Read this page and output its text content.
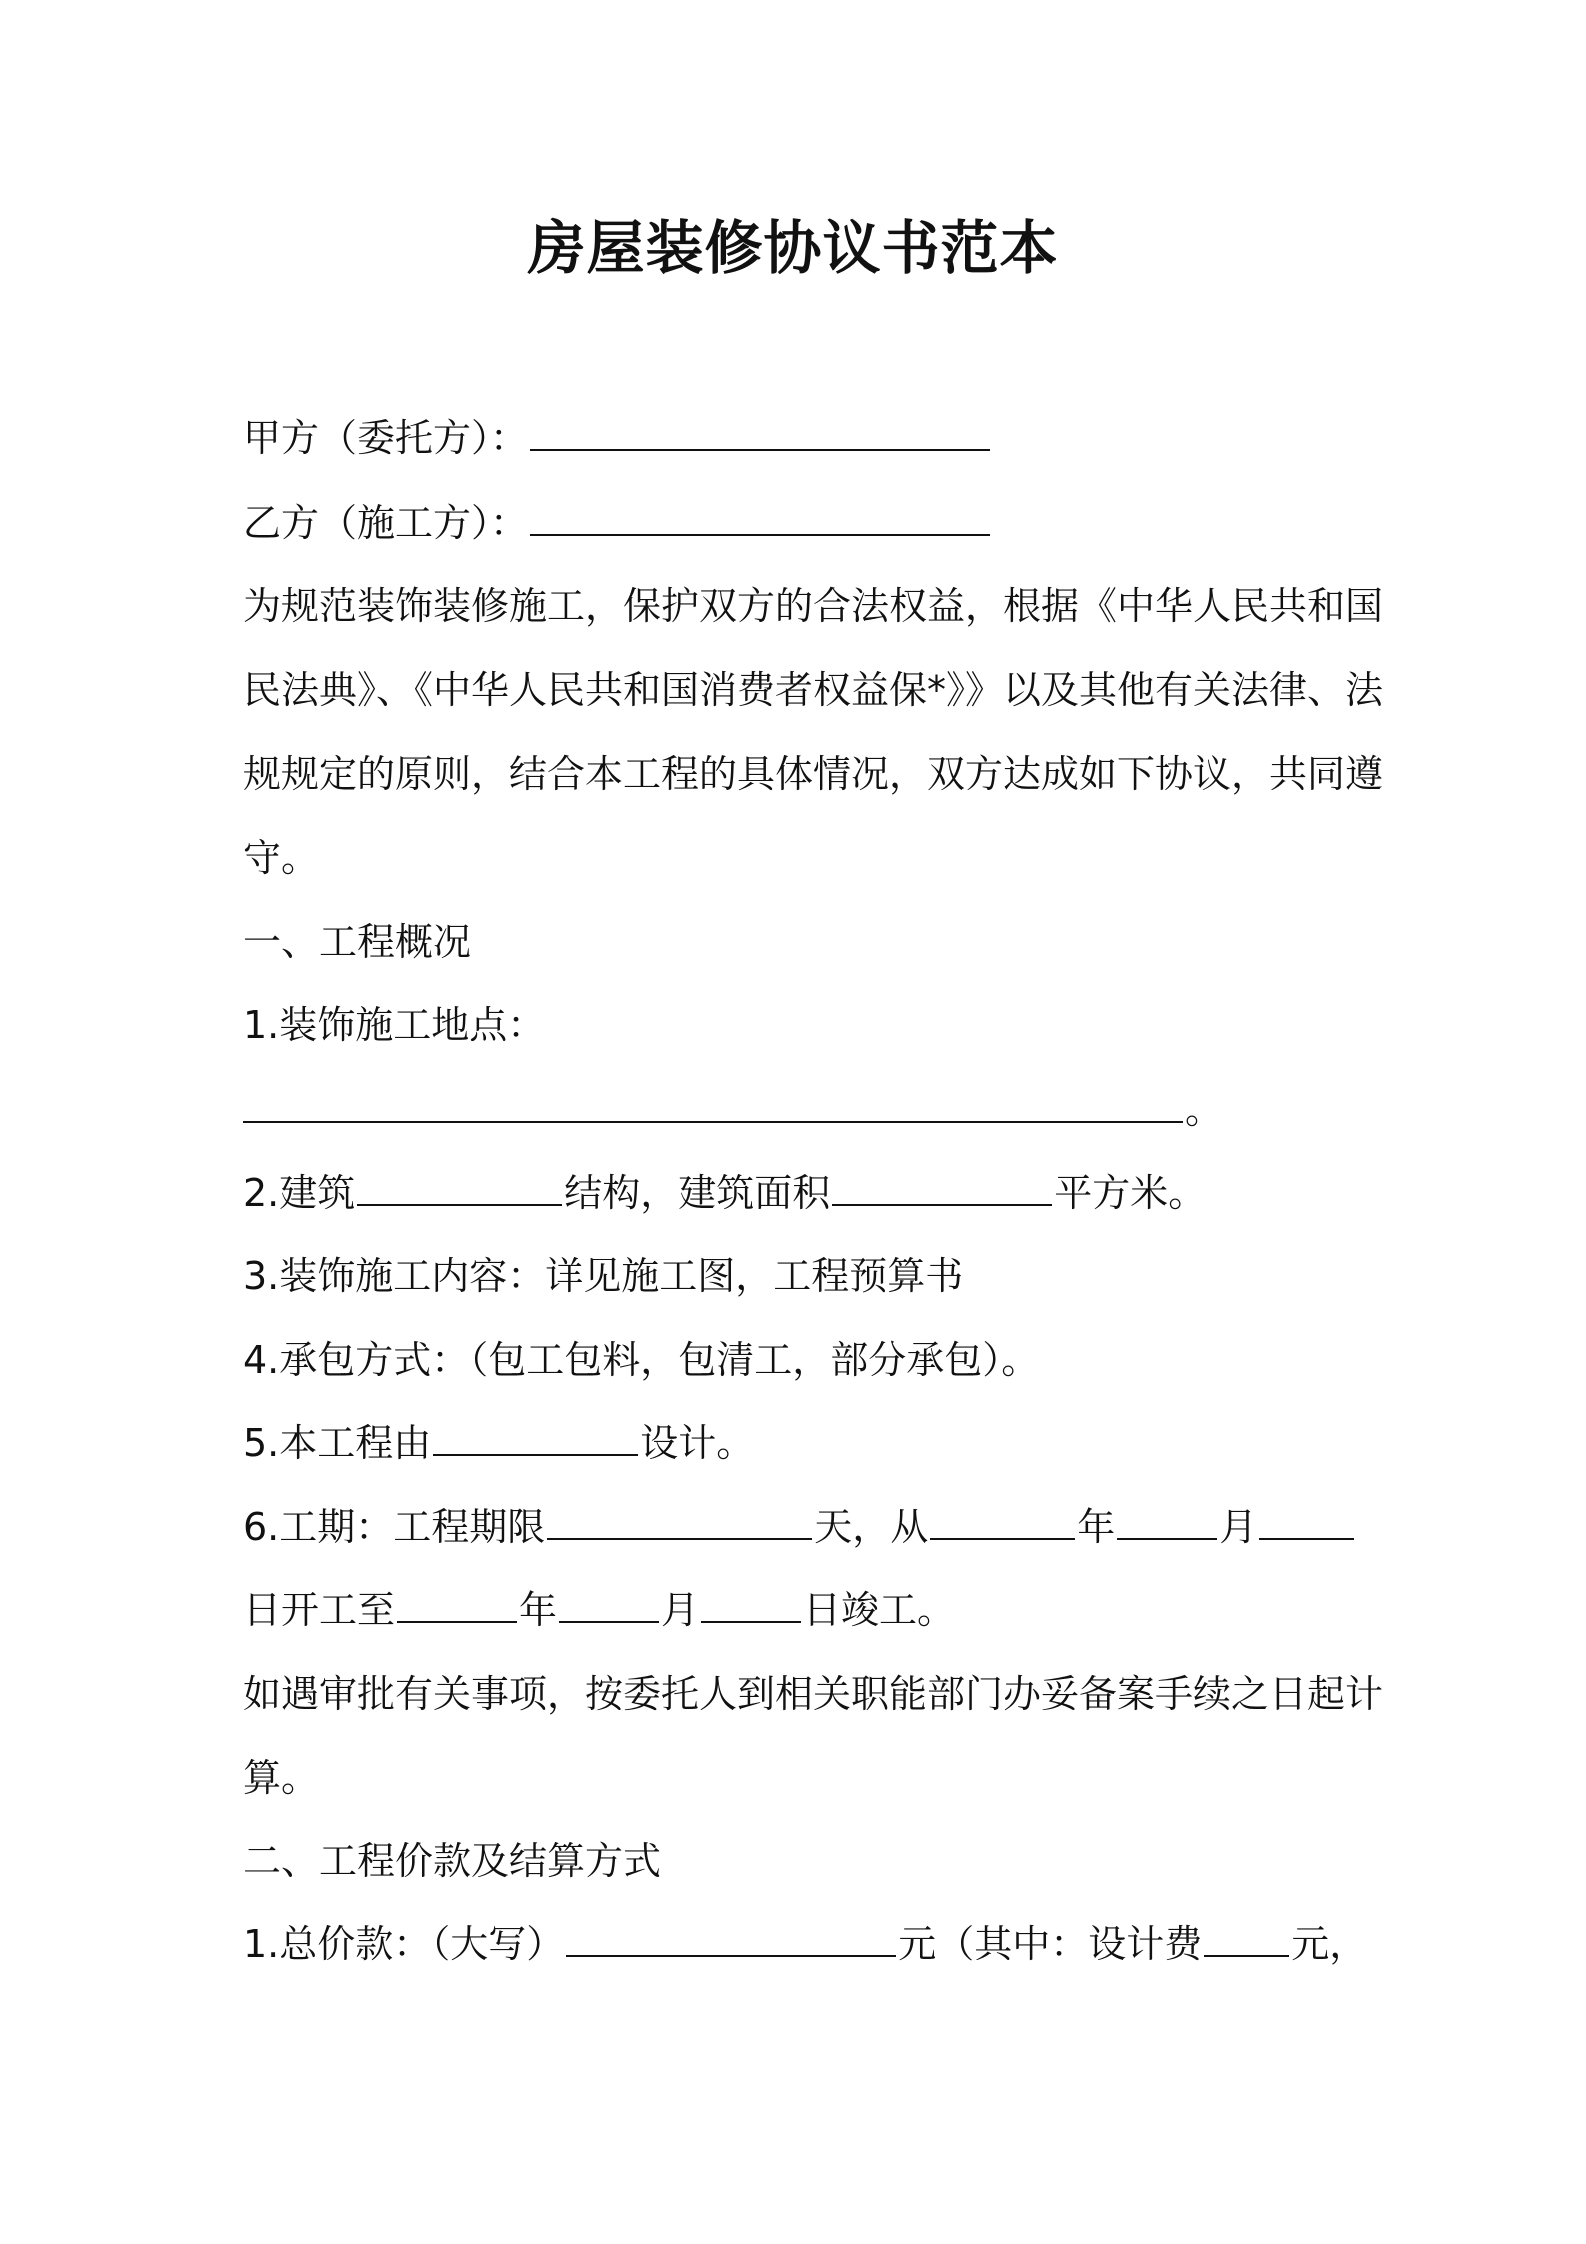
房屋装修协议书范本
甲方（委托方）：
乙方（施工方）：
为规范装饰装修施工，保护双方的合法权益，根据《中华人民共和国
民法典》、《中华人民共和国消费者权益保*》》以及其他有关法律、法
规规定的原则，结合本工程的具体情况，双方达成如下协议，共同遵
守。
一、工程概况
1.装饰施工地点：
。
2.建筑	结构，建筑面积	平方米。
3.装饰施工内容：详见施工图，工程预算书
4.承包方式：（包工包料，包清工，部分承包）。
5.本工程由	设计。
6.工期：工程期限	天，从	年	月
日开工至	年	月	日竣工。
如遇审批有关事项，按委托人到相关职能部门办妥备案手续之日起计
算。
二、工程价款及结算方式
1.总价款：（大写）	元（其中：设计费 元，
